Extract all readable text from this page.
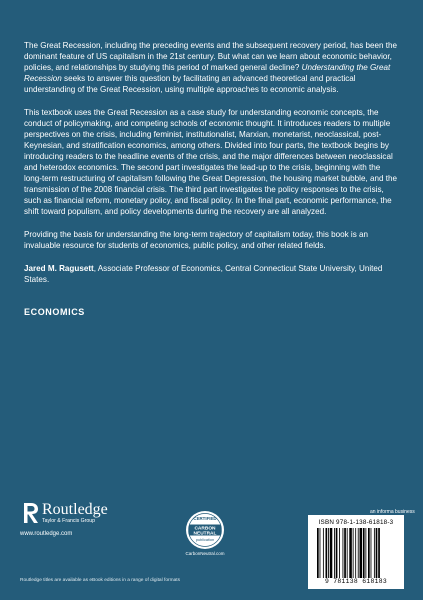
The Great Recession, including the preceding events and the subsequent recovery period, has been the dominant feature of US capitalism in the 21st century. But what can we learn about economic behavior, policies, and relationships by studying this period of marked general decline? Understanding the Great Recession seeks to answer this question by facilitating an advanced theoretical and practical understanding of the Great Recession, using multiple approaches to economic analysis.

This textbook uses the Great Recession as a case study for understanding economic concepts, the conduct of policymaking, and competing schools of economic thought. It introduces readers to multiple perspectives on the crisis, including feminist, institutionalist, Marxian, monetarist, neoclassical, post-Keynesian, and stratification economics, among others. Divided into four parts, the textbook begins by introducing readers to the headline events of the crisis, and the major differences between neoclassical and heterodox economics. The second part investigates the lead-up to the crisis, beginning with the long-term restructuring of capitalism following the Great Depression, the housing market bubble, and the transmission of the 2008 financial crisis. The third part investigates the policy responses to the crisis, such as financial reform, monetary policy, and fiscal policy. In the final part, economic performance, the shift toward populism, and policy developments during the recovery are all analyzed.

Providing the basis for understanding the long-term trajectory of capitalism today, this book is an invaluable resource for students of economics, public policy, and other related fields.

Jared M. Ragusett, Associate Professor of Economics, Central Connecticut State University, United States.

ECONOMICS

Routledge
Taylor & Francis Group
www.routledge.com
CERTIFIED
CARBON
NEUTRAL
publication
CarbonNeutral.com
an informa business
ISBN 978-1-138-61818-3
9 781138 618183
Routledge titles are available as eBook editions in a range of digital formats
